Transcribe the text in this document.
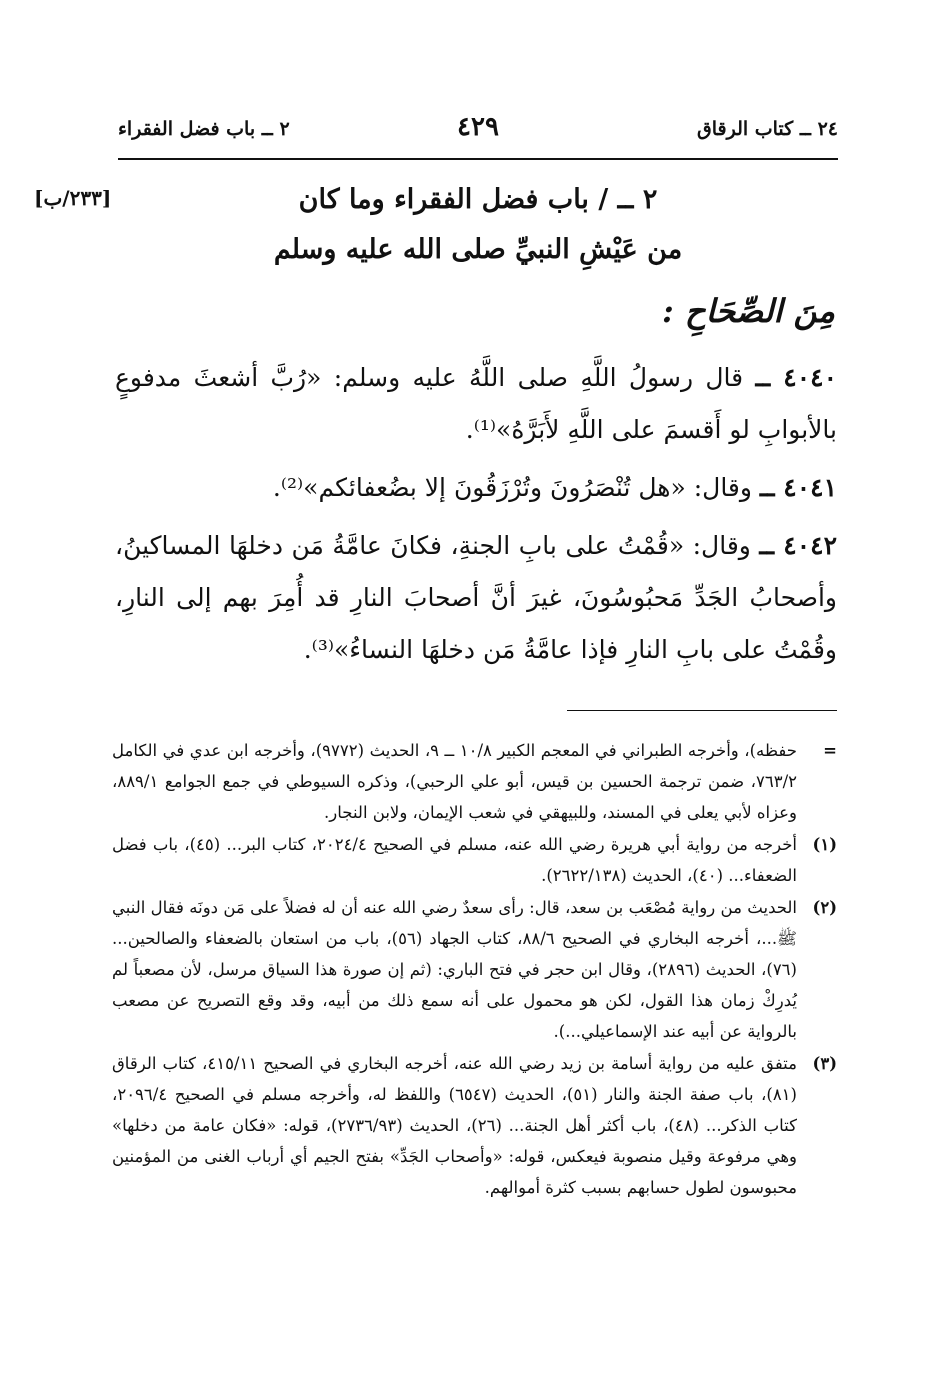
٢٤ ــ كتاب الرقاق
٤٢٩
٢ ــ باب فضل الفقراء
[٢٣٣/ب]	٢ ــ / باب فضل الفقراء وما كان
من عَيْشِ النبيِّ صلى الله عليه وسلم
مِنَ الصِّحَاحِ :
٤٠٤٠ ــ قال رسولُ اللَّهِ صلى اللَّهُ عليه وسلم: «رُبَّ أشعثَ مدفوعٍ بالأبوابِ لو أَقسمَ على اللَّهِ لأَبَرَّهُ»⁽¹⁾.
٤٠٤١ ــ وقال: «هل تُنْصَرُونَ وتُرْزَقُونَ إلا بضُعفائكم»⁽²⁾.
٤٠٤٢ ــ وقال: «قُمْتُ على بابِ الجنةِ، فكانَ عامَّةُ مَن دخلهَا المساكينُ، وأصحابُ الجَدِّ مَحبُوسُونَ، غيرَ أنَّ أصحابَ النارِ قد أُمِرَ بهم إلى النارِ، وقُمْتُ على بابِ النارِ فإذا عامَّةُ مَن دخلهَا النساءُ»⁽³⁾.
=
حفظه)، وأخرجه الطبراني في المعجم الكبير ١٠/٨ ــ ٩، الحديث (٩٧٧٢)، وأخرجه ابن عدي في الكامل ٧٦٣/٢، ضمن ترجمة الحسين بن قيس، أبو علي الرحبي)، وذكره السيوطي في جمع الجوامع ٨٨٩/١، وعزاه لأبي يعلى في المسند، وللبيهقي في شعب الإيمان، ولابن النجار.
(١)
أخرجه من رواية أبي هريرة رضي الله عنه، مسلم في الصحيح ٢٠٢٤/٤، كتاب البر... (٤٥)، باب فضل الضعفاء... (٤٠)، الحديث (٢٦٢٢/١٣٨).
(٢)
الحديث من رواية مُصْعَب بن سعد، قال: رأى سعدٌ رضي الله عنه أن له فضلاً على مَن دونَه فقال النبي ﷺ...، أخرجه البخاري في الصحيح ٨٨/٦، كتاب الجهاد (٥٦)، باب من استعان بالضعفاء والصالحين... (٧٦)، الحديث (٢٨٩٦)، وقال ابن حجر في فتح الباري: (ثم إن صورة هذا السياق مرسل، لأن مصعباً لم يُدرِكْ زمان هذا القول، لكن هو محمول على أنه سمع ذلك من أبيه، وقد وقع التصريح عن مصعب بالرواية عن أبيه عند الإسماعيلي...).
(٣)
متفق عليه من رواية أسامة بن زيد رضي الله عنه، أخرجه البخاري في الصحيح ٤١٥/١١، كتاب الرقاق (٨١)، باب صفة الجنة والنار (٥١)، الحديث (٦٥٤٧) واللفظ له، وأخرجه مسلم في الصحيح ٢٠٩٦/٤، كتاب الذكر... (٤٨)، باب أكثر أهل الجنة... (٢٦)، الحديث (٢٧٣٦/٩٣)، قوله: «فكان عامة من دخلها» وهي مرفوعة وقيل منصوبة فيعكس، قوله: «وأصحاب الجَدِّ» بفتح الجيم أي أرباب الغنى من المؤمنين محبوسون لطول حسابهم بسبب كثرة أموالهم.
